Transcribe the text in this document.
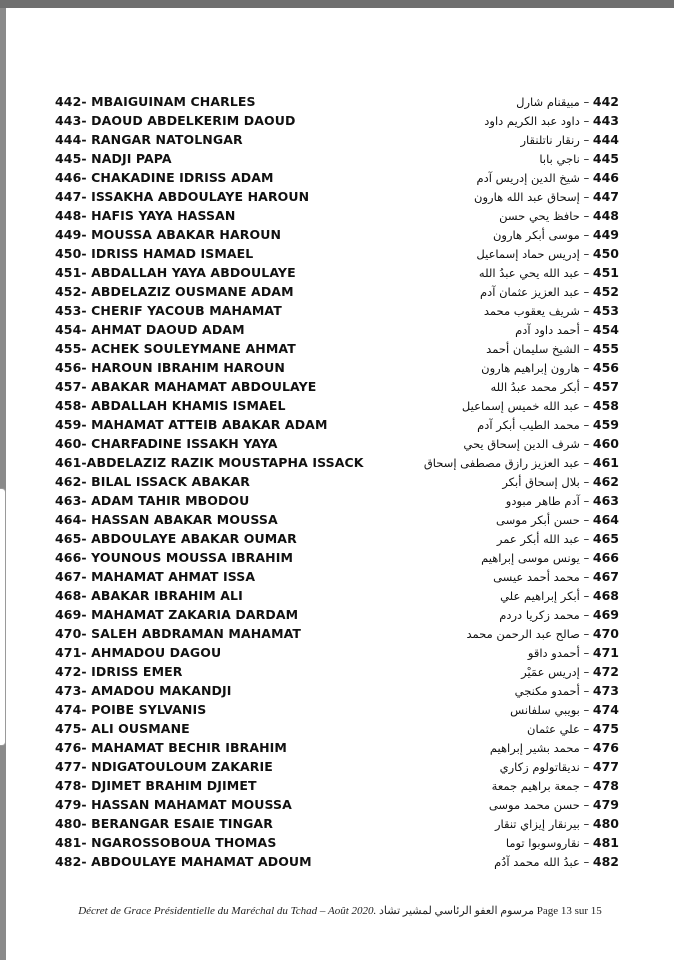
442- MBAIGUINAM CHARLES	442 – مبيقنام شارل
443- DAOUD ABDELKERIM DAOUD	443 – داود عبد الكريم داود
444- RANGAR NATOLNGAR	444 – رنقار ناتلنقار
445- NADJI PAPA	445 – ناجي بابا
446- CHAKADINE IDRISS ADAM	446 – شيخ الدين إدريس آدم
447- ISSAKHA ABDOULAYE HAROUN	447 – إسحاق عبد الله هارون
448- HAFIS YAYA HASSAN	448 – حافظ يحي حسن
449- MOUSSA ABAKAR HAROUN	449 – موسى أبكر هارون
450- IDRISS HAMAD ISMAEL	450 – إدريس حماد إسماعيل
451- ABDALLAH YAYA ABDOULAYE	451 – عبد الله يحي عبدُ الله
452- ABDELAZIZ OUSMANE ADAM	452 – عبد العزيز عثمان آدم
453- CHERIF YACOUB MAHAMAT	453 – شريف يعقوب محمد
454- AHMAT DAOUD ADAM	454 – أحمد داود آدم
455- ACHEK SOULEYMANE AHMAT	455 – الشيخ سليمان أحمد
456- HAROUN IBRAHIM HAROUN	456 – هارون إبراهيم هارون
457- ABAKAR MAHAMAT ABDOULAYE	457 – أبكر محمد عبدُ الله
458- ABDALLAH KHAMIS ISMAEL	458 – عبد الله خميس إسماعيل
459- MAHAMAT ATTEIB ABAKAR ADAM	459 – محمد الطيب أبكر آدم
460- CHARFADINE ISSAKH YAYA	460 – شرف الدين إسحاق يحي
461-ABDELAZIZ RAZIK MOUSTAPHA ISSACK	461 – عبد العزيز رازق مصطفى إسحاق
462- BILAL ISSACK ABAKAR	462 – بلال إسحاق أبكر
463- ADAM TAHIR MBODOU	463 – آدم طاهر مبودو
464- HASSAN ABAKAR MOUSSA	464 – حسن أبكر موسى
465- ABDOULAYE ABAKAR OUMAR	465 – عبد الله أبكر عمر
466- YOUNOUS MOUSSA IBRAHIM	466 – يونس موسى إبراهيم
467- MAHAMAT AHMAT ISSA	467 – محمد أحمد عيسى
468- ABAKAR IBRAHIM ALI	468 – أبكر إبراهيم علي
469- MAHAMAT ZAKARIA DARDAM	469 – محمد زكريا دردم
470- SALEH ABDRAMAN MAHAMAT	470 – صالح عبد الرحمن محمد
471- AHMADOU DAGOU	471 – أحمدو داقو
472- IDRISS EMER	472 – إدريس عمَيْر
473- AMADOU MAKANDJI	473 – أحمدو مكنجي
474- POIBE SYLVANIS	474 – بويبي سلفانس
475- ALI OUSMANE	475 – علي عثمان
476- MAHAMAT BECHIR IBRAHIM	476 – محمد بشير إبراهيم
477- NDIGATOULOUM ZAKARIE	477 – نديقاتولوم زكاري
478- DJIMET BRAHIM DJIMET	478 – جمعة براهيم جمعة
479- HASSAN MAHAMAT MOUSSA	479 – حسن محمد موسى
480- BERANGAR ESAIE TINGAR	480 – بيرنقار إيزاي تنقار
481- NGAROSSOBOUA THOMAS	481 – نقاروسوبوا توما
482- ABDOULAYE MAHAMAT ADOUM	482 – عبدُ الله محمد آدُم
Décret de Grace Présidentielle du Maréchal du Tchad – Août 2020. مرسوم العفو الرئاسي لمشير تشاد Page 13 sur 15
